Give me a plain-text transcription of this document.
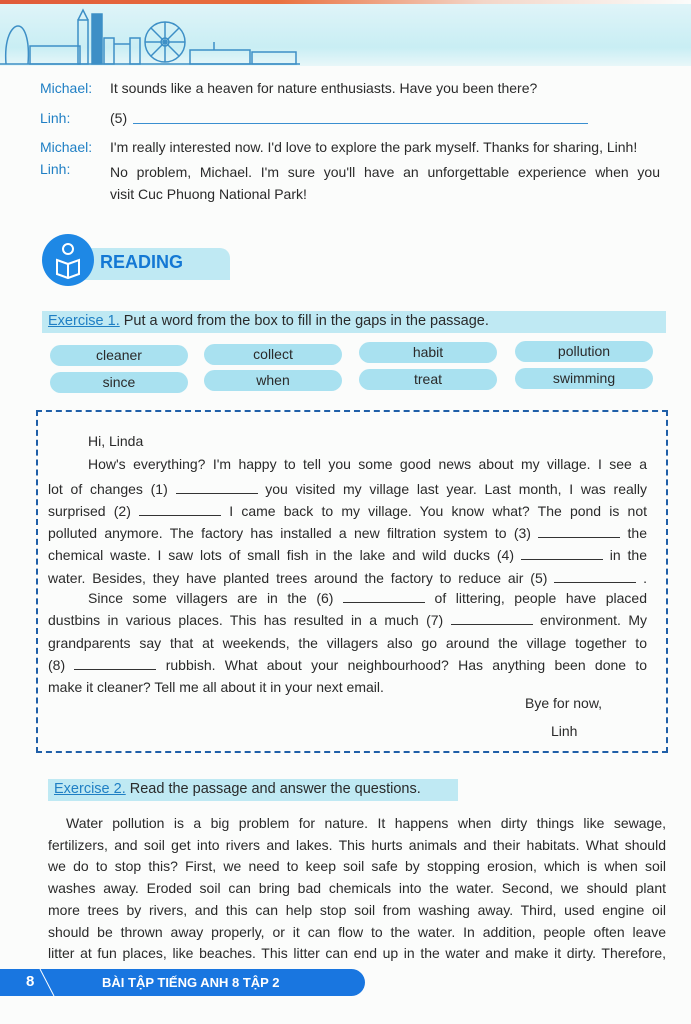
Michael:	It sounds like a heaven for nature enthusiasts. Have you been there?
Linh:	(5)
Michael:	I'm really interested now. I'd love to explore the park myself. Thanks for sharing, Linh!
Linh:	No problem, Michael. I'm sure you'll have an unforgettable experience when you
visit Cuc Phuong National Park!
READING
Exercise 1. Put a word from the box to fill in the gaps in the passage.
cleaner	collect	habit	pollution
since	when	treat	swimming
Hi, Linda
How's everything? I'm happy to tell you some good news about my village. I see a
lot of changes (1)	you visited my village last year. Last month, I was really
surprised (2)	I came back to my village. You know what? The pond is not
polluted anymore. The factory has installed a new filtration system to (3)	the
chemical waste. I saw lots of small fish in the lake and wild ducks (4)	in the
water. Besides, they have planted trees around the factory to reduce air (5)	.
Since some villagers are in the (6)	of littering, people have placed
dustbins in various places. This has resulted in a much (7)	environment. My
grandparents say that at weekends, the villagers also go around the village together to
(8)	rubbish. What about your neighbourhood? Has anything been done to
make it cleaner? Tell me all about it in your next email.
Bye for now,
Linh
Exercise 2. Read the passage and answer the questions.
Water pollution is a big problem for nature. It happens when dirty things like sewage,
fertilizers, and soil get into rivers and lakes. This hurts animals and their habitats. What should
we do to stop this? First, we need to keep soil safe by stopping erosion, which is when soil
washes away. Eroded soil can bring bad chemicals into the water. Second, we should plant
more trees by rivers, and this can help stop soil from washing away. Third, used engine oil
should be thrown away properly, or it can flow to the water. In addition, people often leave
litter at fun places, like beaches. This litter can end up in the water and make it dirty. Therefore,
8	BÀI TẬP TIẾNG ANH 8 TẬP 2
